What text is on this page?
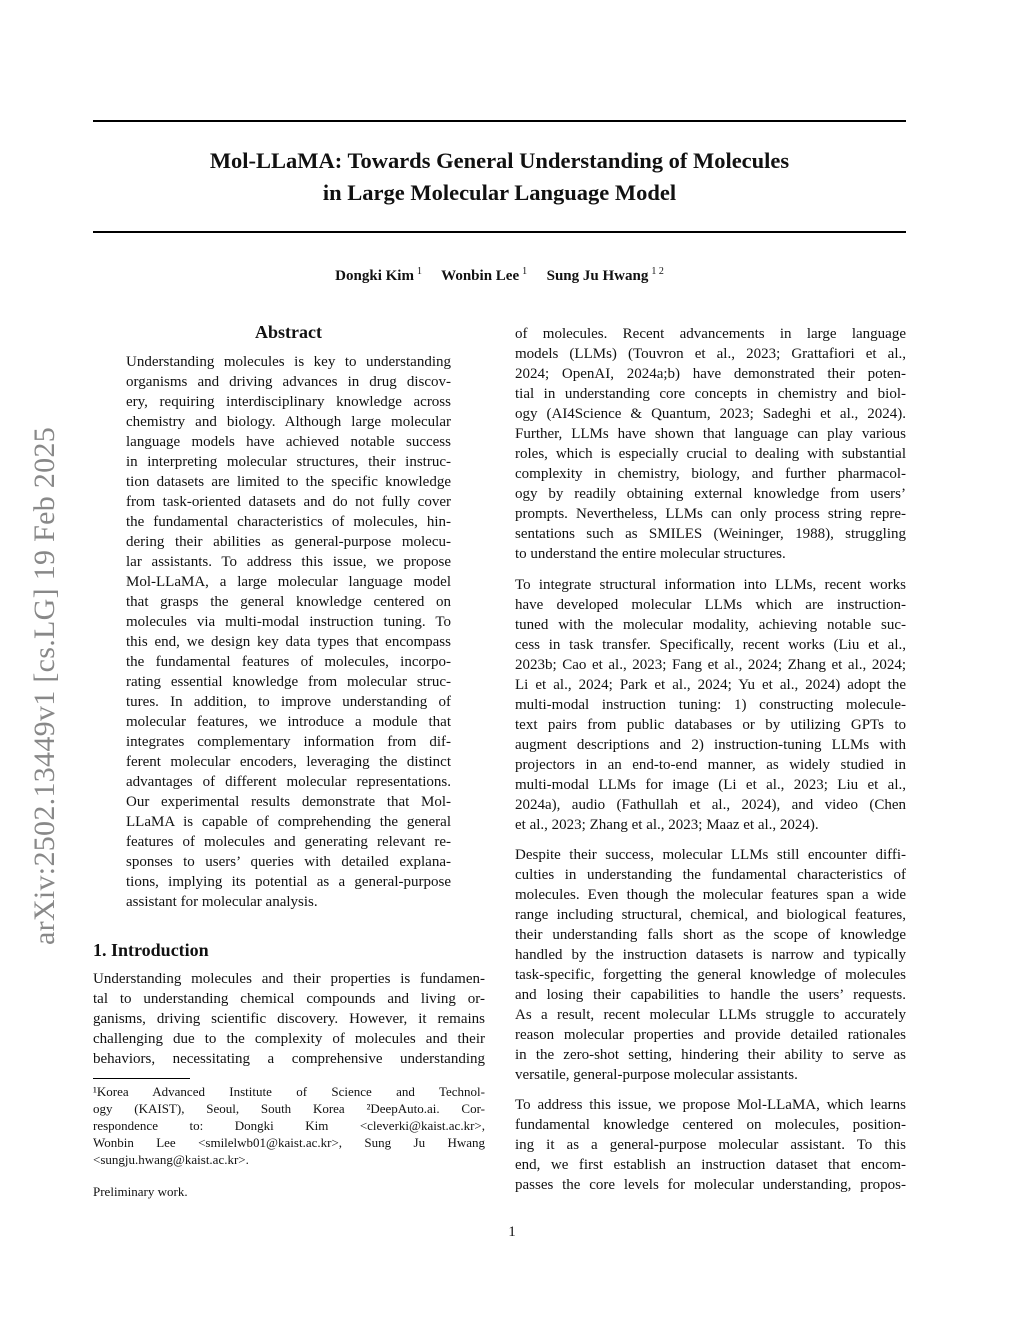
arXiv:2502.13449v1 [cs.LG] 19 Feb 2025
Mol-LLaMA: Towards General Understanding of Molecules
in Large Molecular Language Model
Dongki Kim $^1$ Wonbin Lee $^1$ Sung Ju Hwang $^{1 2}$
Abstract
Understanding molecules is key to understanding
organisms and driving advances in drug discov-
ery, requiring interdisciplinary knowledge across
chemistry and biology. Although large molecular
language models have achieved notable success
in interpreting molecular structures, their instruc-
tion datasets are limited to the specific knowledge
from task-oriented datasets and do not fully cover
the fundamental characteristics of molecules, hin-
dering their abilities as general-purpose molecu-
lar assistants. To address this issue, we propose
Mol-LLaMA, a large molecular language model
that grasps the general knowledge centered on
molecules via multi-modal instruction tuning. To
this end, we design key data types that encompass
the fundamental features of molecules, incorpo-
rating essential knowledge from molecular struc-
tures. In addition, to improve understanding of
molecular features, we introduce a module that
integrates complementary information from dif-
ferent molecular encoders, leveraging the distinct
advantages of different molecular representations.
Our experimental results demonstrate that Mol-
LLaMA is capable of comprehending the general
features of molecules and generating relevant re-
sponses to users’ queries with detailed explana-
tions, implying its potential as a general-purpose
assistant for molecular analysis.
1. Introduction
Understanding molecules and their properties is fundamen-
tal to understanding chemical compounds and living or-
ganisms, driving scientific discovery. However, it remains
challenging due to the complexity of molecules and their
behaviors, necessitating a comprehensive understanding
¹Korea Advanced Institute of Science and Technol-
ogy (KAIST), Seoul, South Korea ²DeepAuto.ai. Cor-
respondence to: Dongki Kim <cleverki@kaist.ac.kr>,
Wonbin Lee <smilelwb01@kaist.ac.kr>, Sung Ju Hwang
<sungju.hwang@kaist.ac.kr>.
Preliminary work.
of molecules. Recent advancements in large language
models (LLMs) (Touvron et al., 2023; Grattafiori et al.,
2024; OpenAI, 2024a;b) have demonstrated their poten-
tial in understanding core concepts in chemistry and biol-
ogy (AI4Science & Quantum, 2023; Sadeghi et al., 2024).
Further, LLMs have shown that language can play various
roles, which is especially crucial to dealing with substantial
complexity in chemistry, biology, and further pharmacol-
ogy by readily obtaining external knowledge from users’
prompts. Nevertheless, LLMs can only process string repre-
sentations such as SMILES (Weininger, 1988), struggling
to understand the entire molecular structures.
To integrate structural information into LLMs, recent works
have developed molecular LLMs which are instruction-
tuned with the molecular modality, achieving notable suc-
cess in task transfer. Specifically, recent works (Liu et al.,
2023b; Cao et al., 2023; Fang et al., 2024; Zhang et al., 2024;
Li et al., 2024; Park et al., 2024; Yu et al., 2024) adopt the
multi-modal instruction tuning: 1) constructing molecule-
text pairs from public databases or by utilizing GPTs to
augment descriptions and 2) instruction-tuning LLMs with
projectors in an end-to-end manner, as widely studied in
multi-modal LLMs for image (Li et al., 2023; Liu et al.,
2024a), audio (Fathullah et al., 2024), and video (Chen
et al., 2023; Zhang et al., 2023; Maaz et al., 2024).
Despite their success, molecular LLMs still encounter diffi-
culties in understanding the fundamental characteristics of
molecules. Even though the molecular features span a wide
range including structural, chemical, and biological features,
their understanding falls short as the scope of knowledge
handled by the instruction datasets is narrow and typically
task-specific, forgetting the general knowledge of molecules
and losing their capabilities to handle the users’ requests.
As a result, recent molecular LLMs struggle to accurately
reason molecular properties and provide detailed rationales
in the zero-shot setting, hindering their ability to serve as
versatile, general-purpose molecular assistants.
To address this issue, we propose Mol-LLaMA, which learns
fundamental knowledge centered on molecules, position-
ing it as a general-purpose molecular assistant. To this
end, we first establish an instruction dataset that encom-
passes the core levels for molecular understanding, propos-
1
